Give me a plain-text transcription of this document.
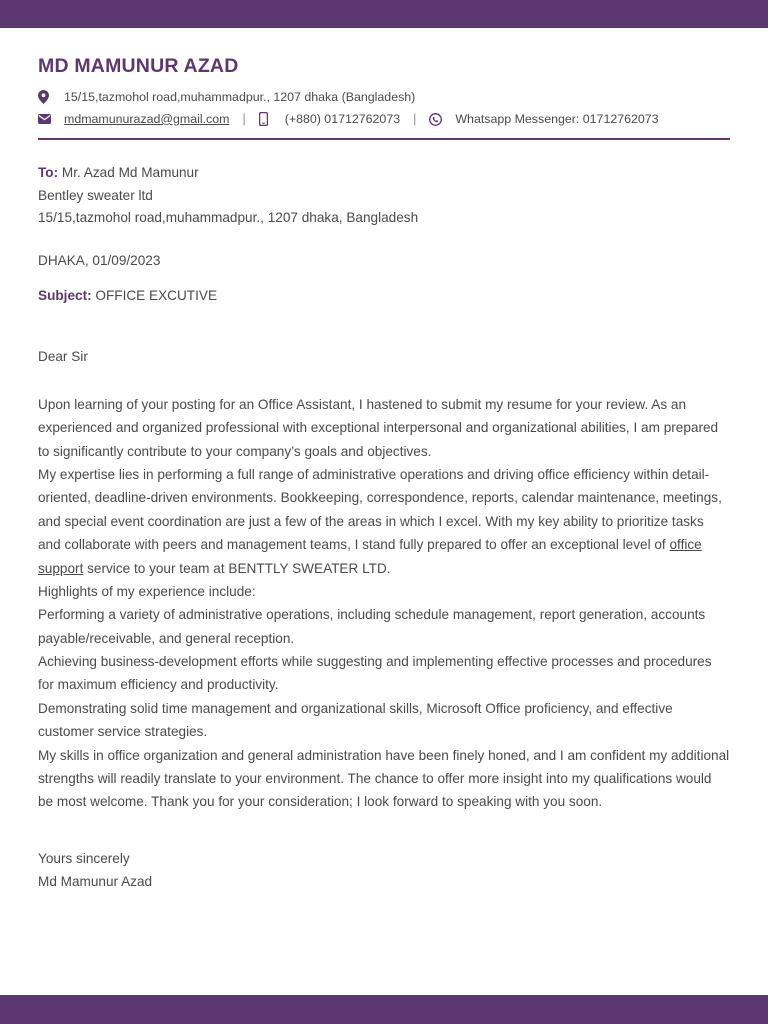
MD MAMUNUR AZAD
15/15,tazmohol road,muhammadpur., 1207 dhaka (Bangladesh)
mdmamunurazad@gmail.com	|	(+880) 01712762073	|	Whatsapp Messenger: 01712762073

To: Mr. Azad Md Mamunur

Bentley sweater ltd

15/15,tazmohol road,muhammadpur., 1207 dhaka, Bangladesh

DHAKA, 01/09/2023
Subject: OFFICE EXCUTIVE
Dear Sir

Upon learning of your posting for an Office Assistant, I hastened to submit my resume for your review. As an experienced and organized professional with exceptional interpersonal and organizational abilities, I am prepared to significantly contribute to your company’s goals and objectives.

My expertise lies in performing a full range of administrative operations and driving office efficiency within detail-oriented, deadline-driven environments. Bookkeeping, correspondence, reports, calendar maintenance, meetings, and special event coordination are just a few of the areas in which I excel. With my key ability to prioritize tasks and collaborate with peers and management teams, I stand fully prepared to offer an exceptional level of office support service to your team at BENTTLY SWEATER LTD.

Highlights of my experience include:

Performing a variety of administrative operations, including schedule management, report generation, accounts payable/receivable, and general reception.

Achieving business-development efforts while suggesting and implementing effective processes and procedures for maximum efficiency and productivity.

Demonstrating solid time management and organizational skills, Microsoft Office proficiency, and effective customer service strategies.

My skills in office organization and general administration have been finely honed, and I am confident my additional strengths will readily translate to your environment. The chance to offer more insight into my qualifications would be most welcome. Thank you for your consideration; I look forward to speaking with you soon.

Yours sincerely

Md Mamunur Azad
